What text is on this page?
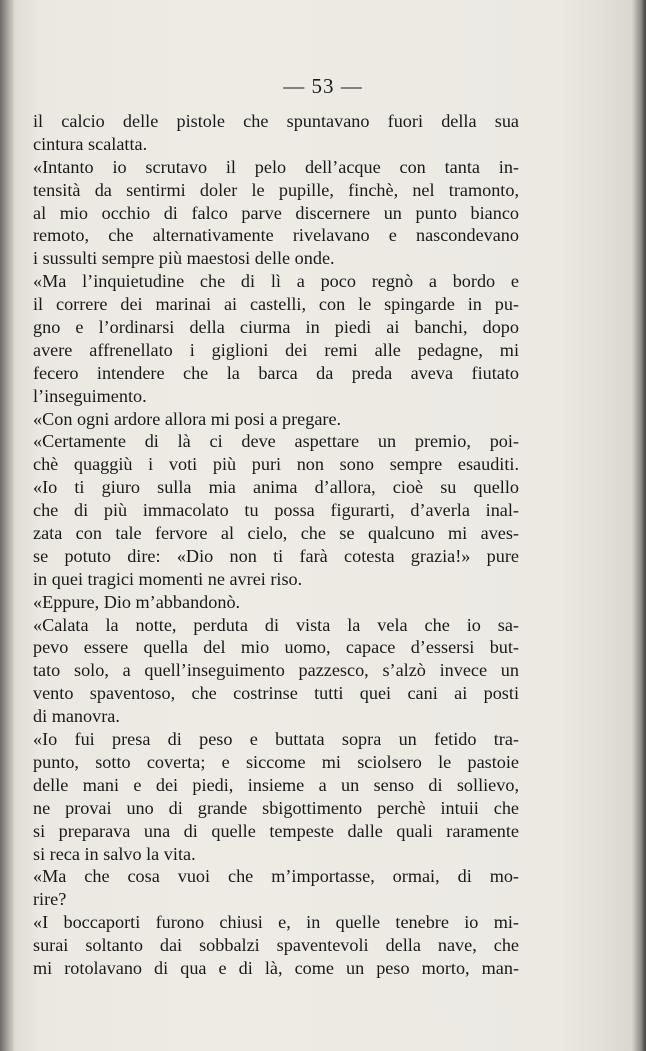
— 53 —
il calcio delle pistole che spuntavano fuori della sua
cintura scalatta.
«Intanto io scrutavo il pelo dell’acque con tanta in-
tensità da sentirmi doler le pupille, finchè, nel tramonto,
al mio occhio di falco parve discernere un punto bianco
remoto, che alternativamente rivelavano e nascondevano
i sussulti sempre più maestosi delle onde.
«Ma l’inquietudine che di lì a poco regnò a bordo e
il correre dei marinai ai castelli, con le spingarde in pu-
gno e l’ordinarsi della ciurma in piedi ai banchi, dopo
avere affrenellato i giglioni dei remi alle pedagne, mi
fecero intendere che la barca da preda aveva fiutato
l’inseguimento.
«Con ogni ardore allora mi posi a pregare.
«Certamente di là ci deve aspettare un premio, poi-
chè quaggiù i voti più puri non sono sempre esauditi.
«Io ti giuro sulla mia anima d’allora, cioè su quello
che di più immacolato tu possa figurarti, d’averla inal-
zata con tale fervore al cielo, che se qualcuno mi aves-
se potuto dire: «Dio non ti farà cotesta grazia!» pure
in quei tragici momenti ne avrei riso.
«Eppure, Dio m’abbandonò.
«Calata la notte, perduta di vista la vela che io sa-
pevo essere quella del mio uomo, capace d’essersi but-
tato solo, a quell’inseguimento pazzesco, s’alzò invece un
vento spaventoso, che costrinse tutti quei cani ai posti
di manovra.
«Io fui presa di peso e buttata sopra un fetido tra-
punto, sotto coverta; e siccome mi sciolsero le pastoie
delle mani e dei piedi, insieme a un senso di sollievo,
ne provai uno di grande sbigottimento perchè intuii che
si preparava una di quelle tempeste dalle quali raramente
si reca in salvo la vita.
«Ma che cosa vuoi che m’importasse, ormai, di mo-
rire?
«I boccaporti furono chiusi e, in quelle tenebre io mi-
surai soltanto dai sobbalzi spaventevoli della nave, che
mi rotolavano di qua e di là, come un peso morto, man-
